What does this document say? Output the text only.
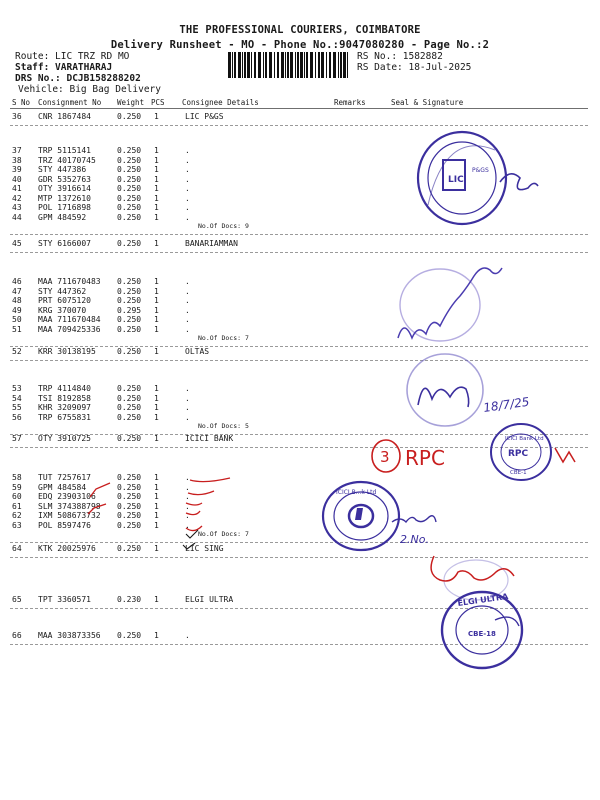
THE PROFESSIONAL COURIERS, COIMBATORE
Delivery Runsheet - MO - Phone No.:9047080280 - Page No.:2
Route: LIC TRZ RD MO
Staff: VARATHARAJ
DRS No.: DCJB158288202
Vehicle: Big Bag Delivery
RS No.: 1582882
RS Date: 18-Jul-2025
S No Consignment No Weight PCS Consignee Details	Remarks	Seal & Signature
36 CNR 1867484	0.250 1	LIC P&GS
37 TRP 5115141	0.250 1	.
38 TRZ 40170745	0.250 1	.
39 STY 447386	0.250 1	.
40 GDR 5352763	0.250 1	.
41 OTY 3916614	0.250 1	.
42 MTP 1372610	0.250 1	.
43 POL 1716898	0.250 1	.
44 GPM 484592	0.250 1	.
No.Of Docs: 9
45 STY 6166007	0.250 1	BANARIAMMAN
46 MAA 711670483 0.250 1	.
47 STY 447362	0.250 1	.
48 PRT 6075120	0.250 1	.
49 KRG 370070	0.295 1	.
50 MAA 711670484 0.250 1	.
51 MAA 709425336 0.250 1	.
No.Of Docs: 7
52 KRR 30138195	0.250 1	OLTAS
53 TRP 4114840	0.250 1	.
54 TSI 8192858	0.250 1	.
55 KHR 3209097	0.250 1	.
56 TRP 6755831	0.250 1	.
No.Of Docs: 5
57 OTY 3910725	0.250 1	ICICI BANK
58 TUT 7257617	0.250 1	.
59 GPM 484584	0.250 1	.
60 EDQ 23903106	0.250 1	.
61 SLM 374388798 0.250 1	.
62 IXM 508673732 0.250 1	.
63 POL 8597476	0.250 1	.
No.Of Docs: 7
64 KTK 20025976	0.250 1	LIC SING
65 TPT 3360571	0.230 1	ELGI ULTRA
66 MAA 303873356 0.250 1	.
LIC
P&GS
18/7/25
3 RPC	RPC
ICICI Bank Ltd
CBE-1
ICICI B...k Ltd
2.No.
ELGI ULTRA
CBE-18
